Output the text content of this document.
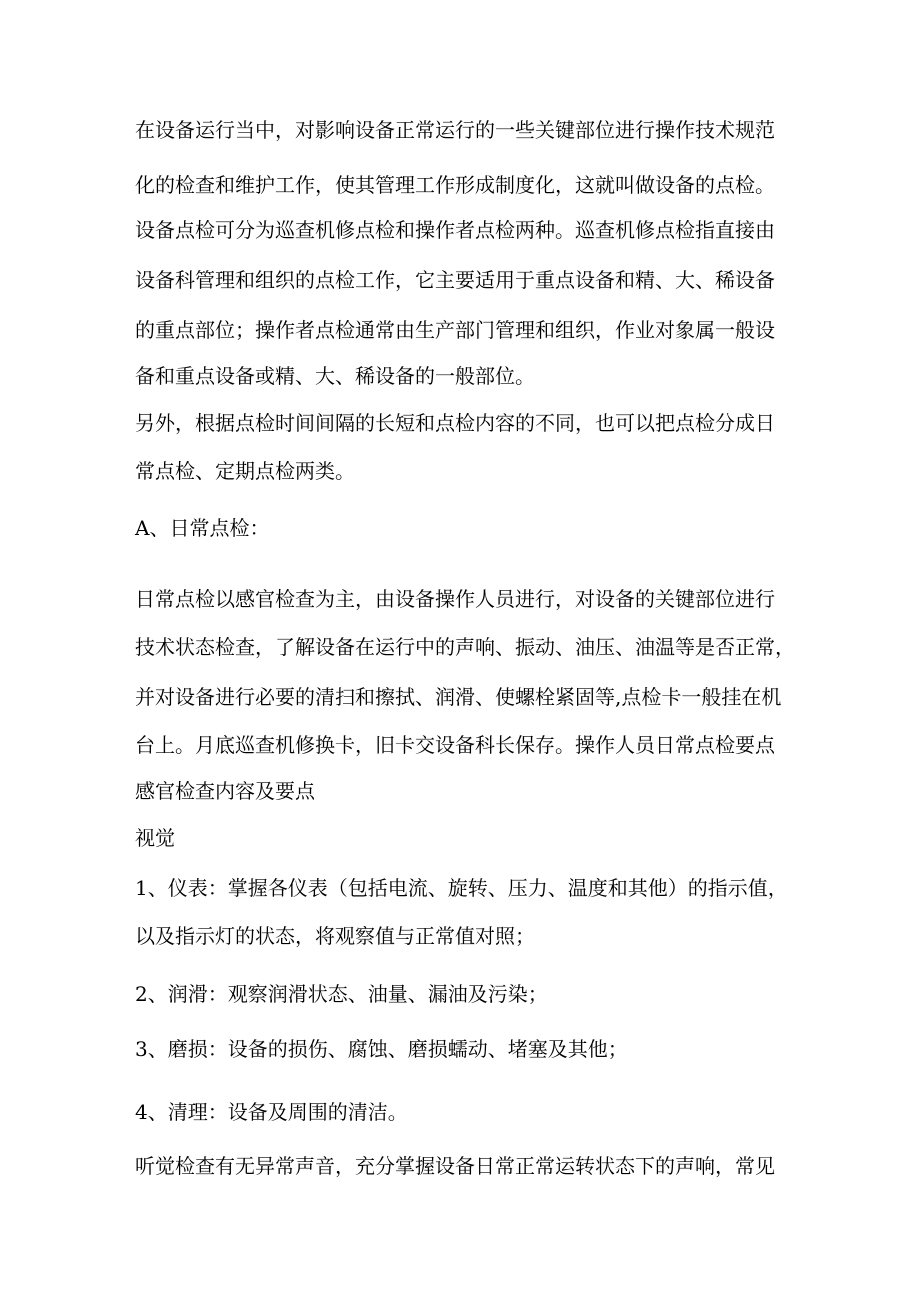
在设备运行当中，对影响设备正常运行的一些关键部位进行操作技术规范

化的检查和维护工作，使其管理工作形成制度化，这就叫做设备的点检。

设备点检可分为巡查机修点检和操作者点检两种。巡查机修点检指直接由

设备科管理和组织的点检工作，它主要适用于重点设备和精、大、稀设备

的重点部位；操作者点检通常由生产部门管理和组织，作业对象属一般设

备和重点设备或精、大、稀设备的一般部位。

另外，根据点检时间间隔的长短和点检内容的不同，也可以把点检分成日

常点检、定期点检两类。

A、日常点检：

日常点检以感官检查为主，由设备操作人员进行，对设备的关键部位进行

技术状态检查，了解设备在运行中的声响、振动、油压、油温等是否正常，

并对设备进行必要的清扫和擦拭、润滑、使螺栓紧固等,点检卡一般挂在机

台上。月底巡查机修换卡，旧卡交设备科长保存。操作人员日常点检要点

感官检查内容及要点

视觉

1、仪表：掌握各仪表（包括电流、旋转、压力、温度和其他）的指示值，

以及指示灯的状态，将观察值与正常值对照；

2、润滑：观察润滑状态、油量、漏油及污染；

3、磨损：设备的损伤、腐蚀、磨损蠕动、堵塞及其他；

4、清理：设备及周围的清洁。

听觉检查有无异常声音，充分掌握设备日常正常运转状态下的声响，常见
